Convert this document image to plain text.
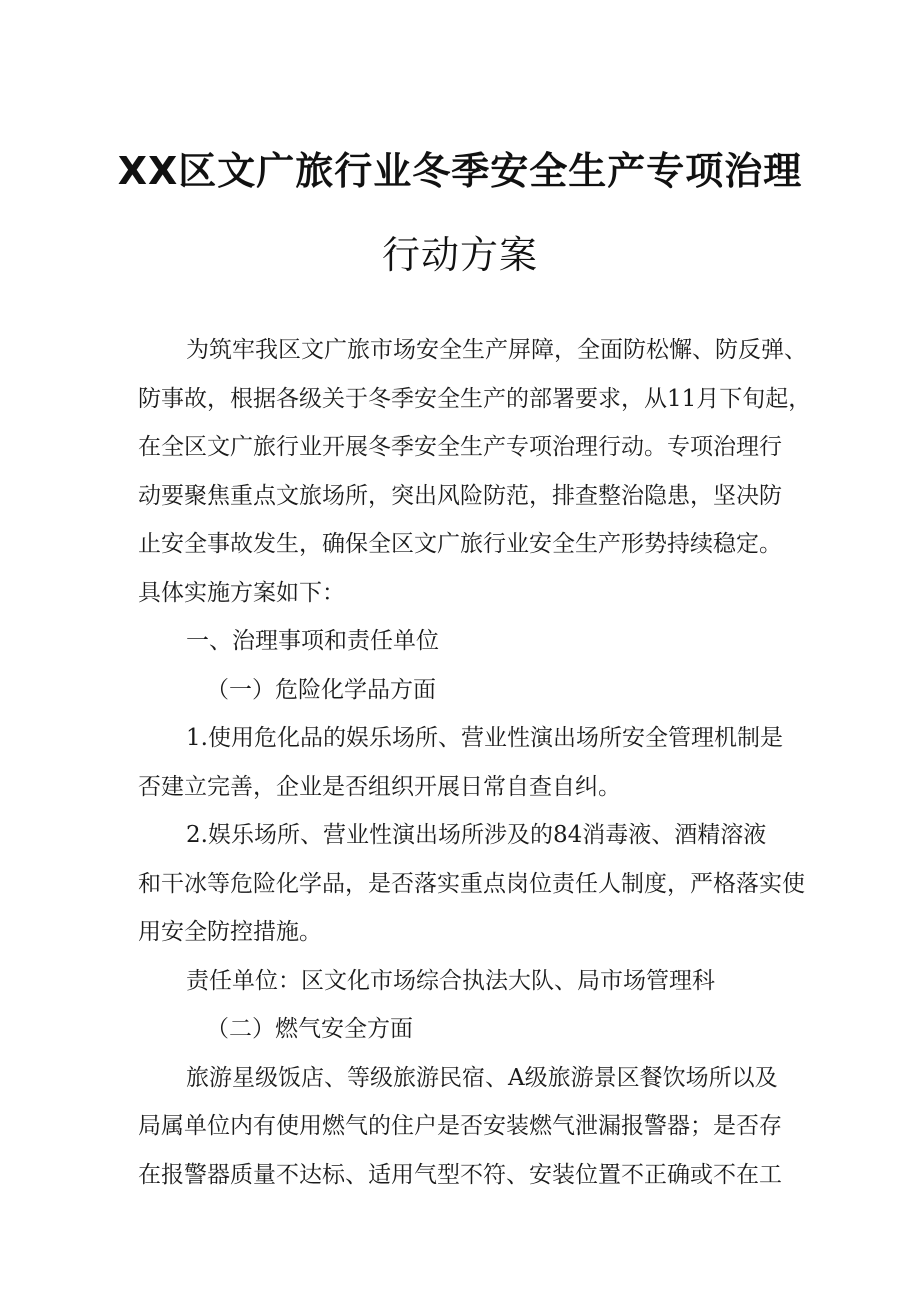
XX区文广旅行业冬季安全生产专项治理
行动方案
为筑牢我区文广旅市场安全生产屏障，全面防松懈、防反弹、
防事故，根据各级关于冬季安全生产的部署要求，从11月下旬起，
在全区文广旅行业开展冬季安全生产专项治理行动。专项治理行
动要聚焦重点文旅场所，突出风险防范，排查整治隐患，坚决防
止安全事故发生，确保全区文广旅行业安全生产形势持续稳定。
具体实施方案如下：
一、治理事项和责任单位
（一）危险化学品方面
1.使用危化品的娱乐场所、营业性演出场所安全管理机制是
否建立完善，企业是否组织开展日常自查自纠。
2.娱乐场所、营业性演出场所涉及的84消毒液、酒精溶液
和干冰等危险化学品，是否落实重点岗位责任人制度，严格落实使
用安全防控措施。
责任单位：区文化市场综合执法大队、局市场管理科
（二）燃气安全方面
旅游星级饭店、等级旅游民宿、A级旅游景区餐饮场所以及
局属单位内有使用燃气的住户是否安装燃气泄漏报警器；是否存
在报警器质量不达标、适用气型不符、安装位置不正确或不在工
